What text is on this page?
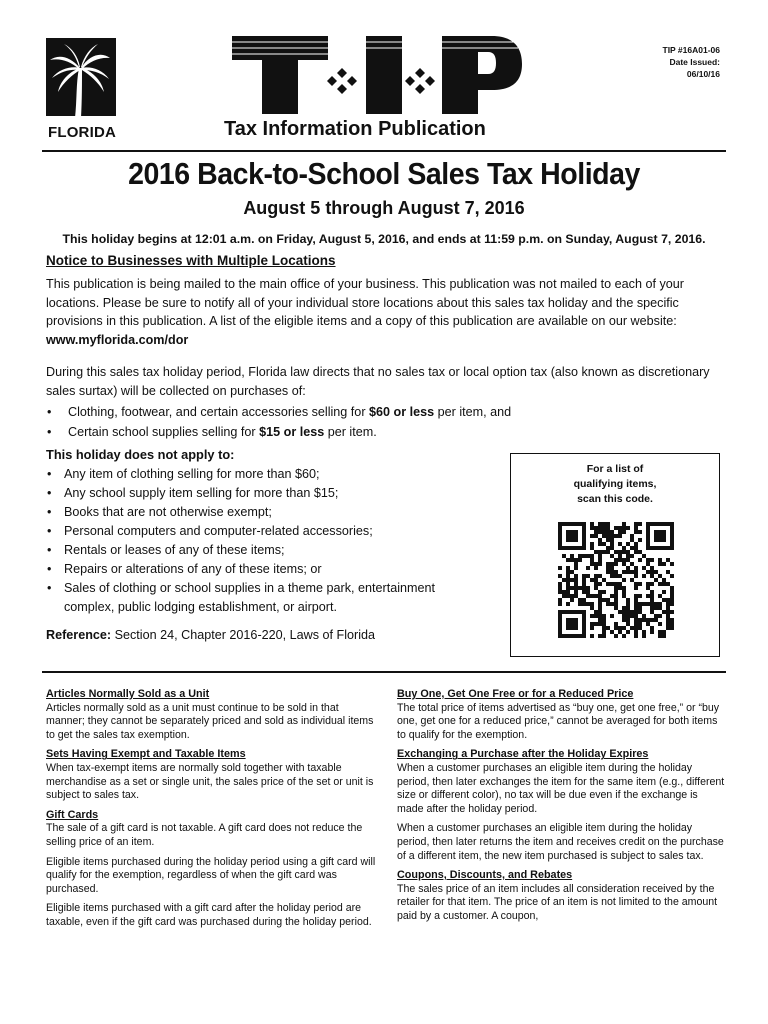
FLORIDA
TIP #16A01-06
Date Issued:
06/10/16
Tax Information Publication
2016 Back-to-School Sales Tax Holiday
August 5 through August 7, 2016
This holiday begins at 12:01 a.m. on Friday, August 5, 2016, and ends at 11:59 p.m. on Sunday, August 7, 2016.
Notice to Businesses with Multiple Locations
This publication is being mailed to the main office of your business. This publication was not mailed to each of your locations. Please be sure to notify all of your individual store locations about this sales tax holiday and the specific provisions in this publication. A list of the eligible items and a copy of this publication are available on our website: www.myflorida.com/dor
During this sales tax holiday period, Florida law directs that no sales tax or local option tax (also known as discretionary sales surtax) will be collected on purchases of:
• Clothing, footwear, and certain accessories selling for $60 or less per item, and
• Certain school supplies selling for $15 or less per item.
This holiday does not apply to:
• Any item of clothing selling for more than $60;
• Any school supply item selling for more than $15;
• Books that are not otherwise exempt;
• Personal computers and computer-related accessories;
• Rentals or leases of any of these items;
• Repairs or alterations of any of these items; or
• Sales of clothing or school supplies in a theme park, entertainment complex, public lodging establishment, or airport.
Reference: Section 24, Chapter 2016-220, Laws of Florida
For a list of
qualifying items,
scan this code.

Articles Normally Sold as a Unit

Articles normally sold as a unit must continue to be sold in that manner; they cannot be separately priced and sold as individual items to get the sales tax exemption.

Sets Having Exempt and Taxable Items

When tax-exempt items are normally sold together with taxable merchandise as a set or single unit, the sales price of the set or unit is subject to sales tax.

Gift Cards

The sale of a gift card is not taxable. A gift card does not reduce the selling price of an item.

Eligible items purchased during the holiday period using a gift card will qualify for the exemption, regardless of when the gift card was purchased.

Eligible items purchased with a gift card after the holiday period are taxable, even if the gift card was purchased during the holiday period.

Buy One, Get One Free or for a Reduced Price

The total price of items advertised as “buy one, get one free,” or “buy one, get one for a reduced price,” cannot be averaged for both items to qualify for the exemption.

Exchanging a Purchase after the Holiday Expires

When a customer purchases an eligible item during the holiday period, then later exchanges the item for the same item (e.g., different size or different color), no tax will be due even if the exchange is made after the holiday period.

When a customer purchases an eligible item during the holiday period, then later returns the item and receives credit on the purchase of a different item, the new item purchased is subject to sales tax.

Coupons, Discounts, and Rebates

The sales price of an item includes all consideration received by the retailer for that item. The price of an item is not limited to the amount paid by a customer. A coupon,
